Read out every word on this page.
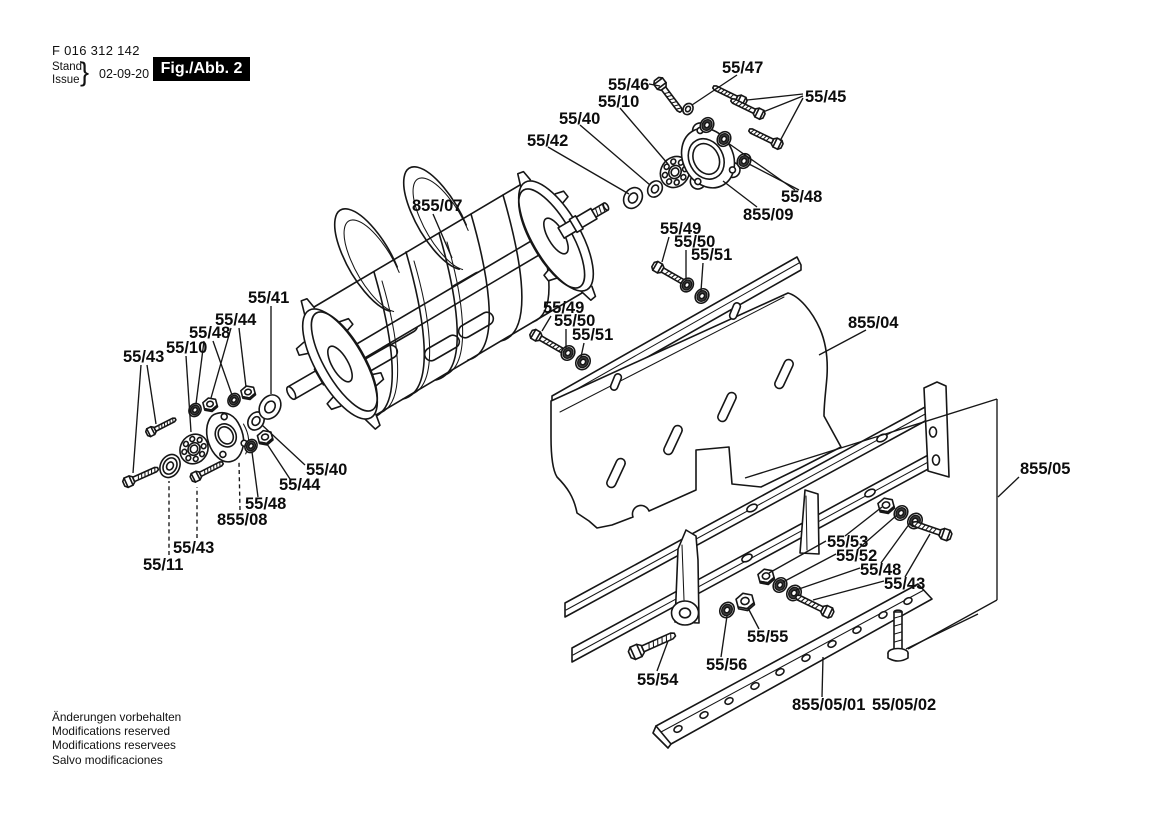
F 016 312 142
Stand
Issue } 02-09-20 Fig./Abb. 2
55/46
55/47
55/45
55/10
55/40
55/42
55/48
855/09
855/07
55/49
55/50
55/51
55/49
55/50
55/51
855/04
55/41
55/44
55/48
55/10
55/43
55/40
55/44
55/48
855/08
55/43
55/11
855/05
55/53
55/52
55/48
55/43
55/55
55/56
55/54
855/05/01 55/05/02
Änderungen vorbehalten
Modifications reserved
Modifications reservees
Salvo modificaciones
